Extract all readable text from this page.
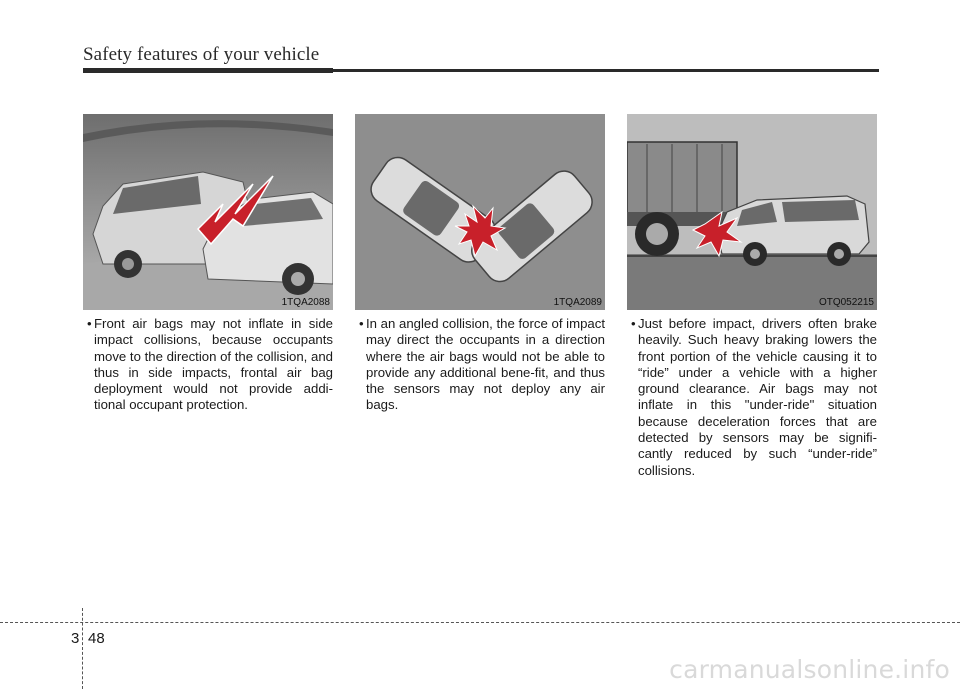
Safety features of your vehicle
1TQA2088	1TQA2089	OTQ052215
• Front air bags may not inflate in side impact collisions, because occupants move to the direction of the collision, and thus in side impacts, frontal air bag deployment would not provide addi-tional occupant protection.
• In an angled collision, the force of impact may direct the occupants in a direction where the air bags would not be able to provide any additional bene-fit, and thus the sensors may not deploy any air bags.
• Just before impact, drivers often brake heavily. Such heavy braking lowers the front portion of the vehicle causing it to “ride” under a vehicle with a higher ground clearance. Air bags may not inflate in this "under-ride" situation because deceleration forces that are detected by sensors may be signifi-cantly reduced by such “under-ride” collisions.
3 48
carmanualsonline.info
